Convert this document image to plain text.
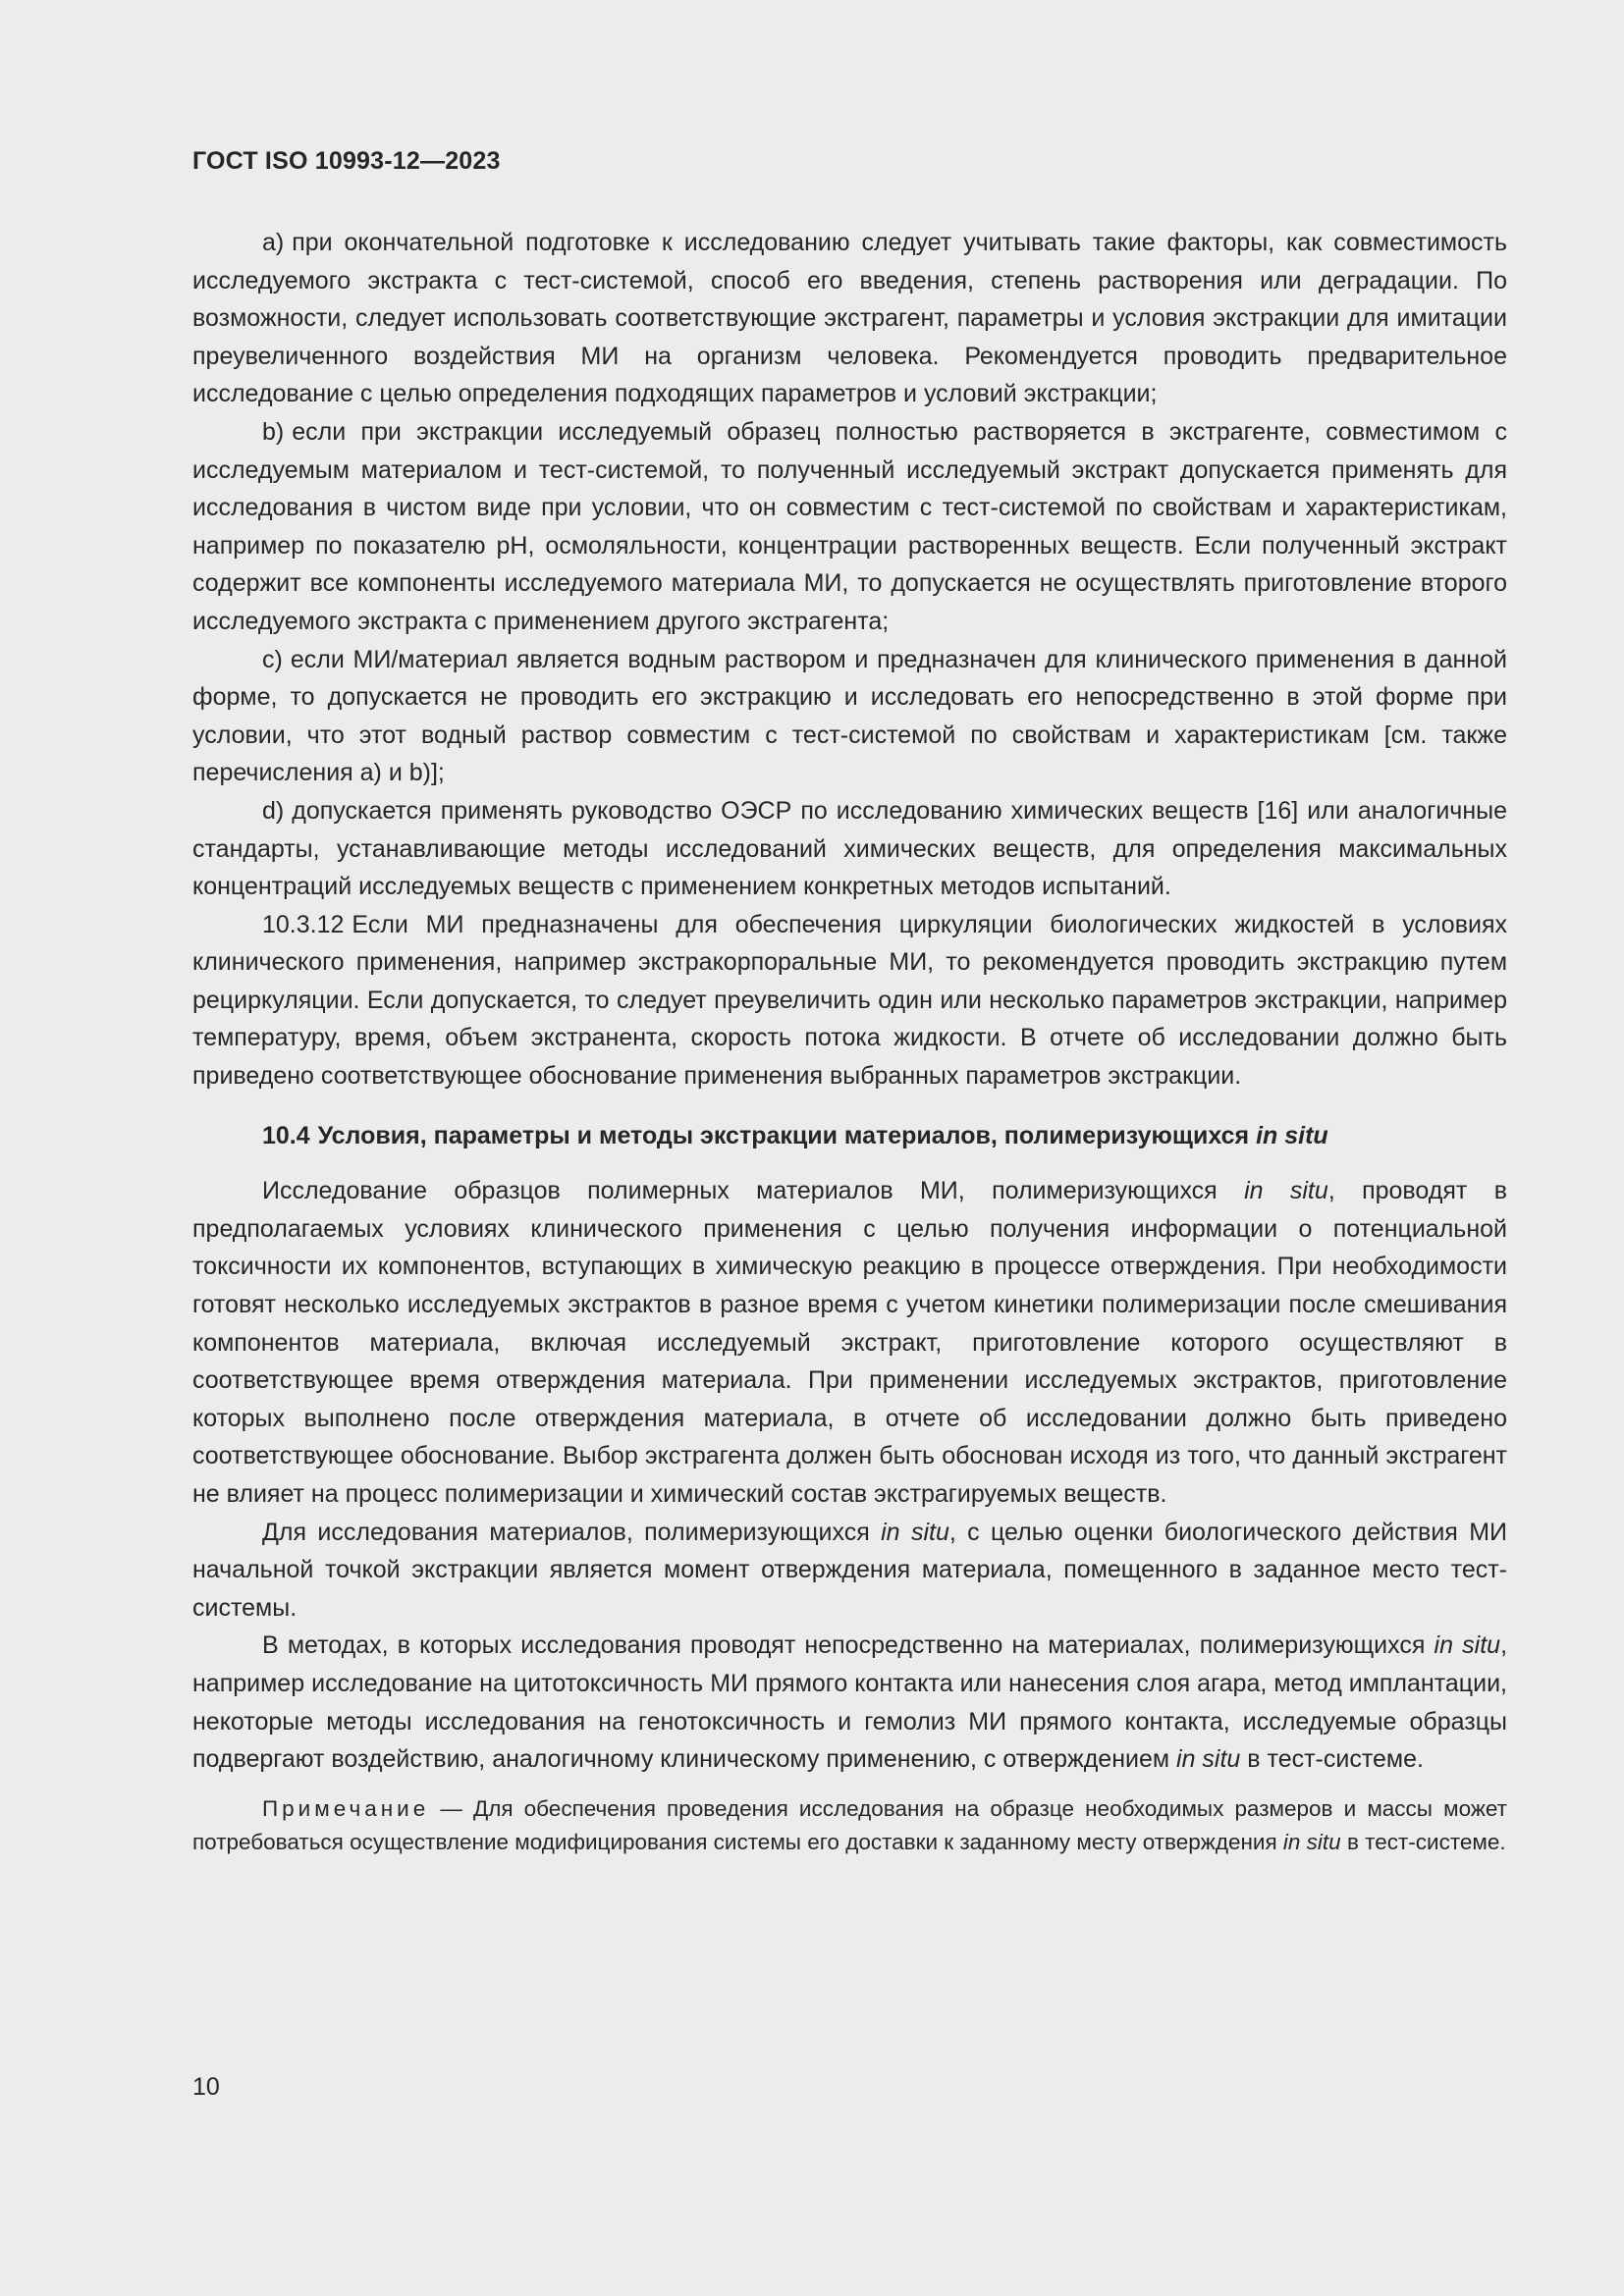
ГОСТ ISO 10993-12—2023

a) при окончательной подготовке к исследованию следует учитывать такие факторы, как совместимость исследуемого экстракта с тест-системой, способ его введения, степень растворения или деградации. По возможности, следует использовать соответствующие экстрагент, параметры и условия экстракции для имитации преувеличенного воздействия МИ на организм человека. Рекомендуется проводить предварительное исследование с целью определения подходящих параметров и условий экстракции;

b) если при экстракции исследуемый образец полностью растворяется в экстрагенте, совместимом с исследуемым материалом и тест-системой, то полученный исследуемый экстракт допускается применять для исследования в чистом виде при условии, что он совместим с тест-системой по свойствам и характеристикам, например по показателю pH, осмоляльности, концентрации растворенных веществ. Если полученный экстракт содержит все компоненты исследуемого материала МИ, то допускается не осуществлять приготовление второго исследуемого экстракта с применением другого экстрагента;

c) если МИ/материал является водным раствором и предназначен для клинического применения в данной форме, то допускается не проводить его экстракцию и исследовать его непосредственно в этой форме при условии, что этот водный раствор совместим с тест-системой по свойствам и характеристикам [см. также перечисления a) и b)];

d) допускается применять руководство ОЭСР по исследованию химических веществ [16] или аналогичные стандарты, устанавливающие методы исследований химических веществ, для определения максимальных концентраций исследуемых веществ с применением конкретных методов испытаний.

10.3.12 Если МИ предназначены для обеспечения циркуляции биологических жидкостей в условиях клинического применения, например экстракорпоральные МИ, то рекомендуется проводить экстракцию путем рециркуляции. Если допускается, то следует преувеличить один или несколько параметров экстракции, например температуру, время, объем экстранента, скорость потока жидкости. В отчете об исследовании должно быть приведено соответствующее обоснование применения выбранных параметров экстракции.

10.4 Условия, параметры и методы экстракции материалов, полимеризующихся in situ

Исследование образцов полимерных материалов МИ, полимеризующихся in situ, проводят в предполагаемых условиях клинического применения с целью получения информации о потенциальной токсичности их компонентов, вступающих в химическую реакцию в процессе отверждения. При необходимости готовят несколько исследуемых экстрактов в разное время с учетом кинетики полимеризации после смешивания компонентов материала, включая исследуемый экстракт, приготовление которого осуществляют в соответствующее время отверждения материала. При применении исследуемых экстрактов, приготовление которых выполнено после отверждения материала, в отчете об исследовании должно быть приведено соответствующее обоснование. Выбор экстрагента должен быть обоснован исходя из того, что данный экстрагент не влияет на процесс полимеризации и химический состав экстрагируемых веществ.

Для исследования материалов, полимеризующихся in situ, с целью оценки биологического действия МИ начальной точкой экстракции является момент отверждения материала, помещенного в заданное место тест-системы.

В методах, в которых исследования проводят непосредственно на материалах, полимеризующихся in situ, например исследование на цитотоксичность МИ прямого контакта или нанесения слоя агара, метод имплантации, некоторые методы исследования на генотоксичность и гемолиз МИ прямого контакта, исследуемые образцы подвергают воздействию, аналогичному клиническому применению, с отверждением in situ в тест-системе.

Примечание — Для обеспечения проведения исследования на образце необходимых размеров и массы может потребоваться осуществление модифицирования системы его доставки к заданному месту отверждения in situ в тест-системе.

10
